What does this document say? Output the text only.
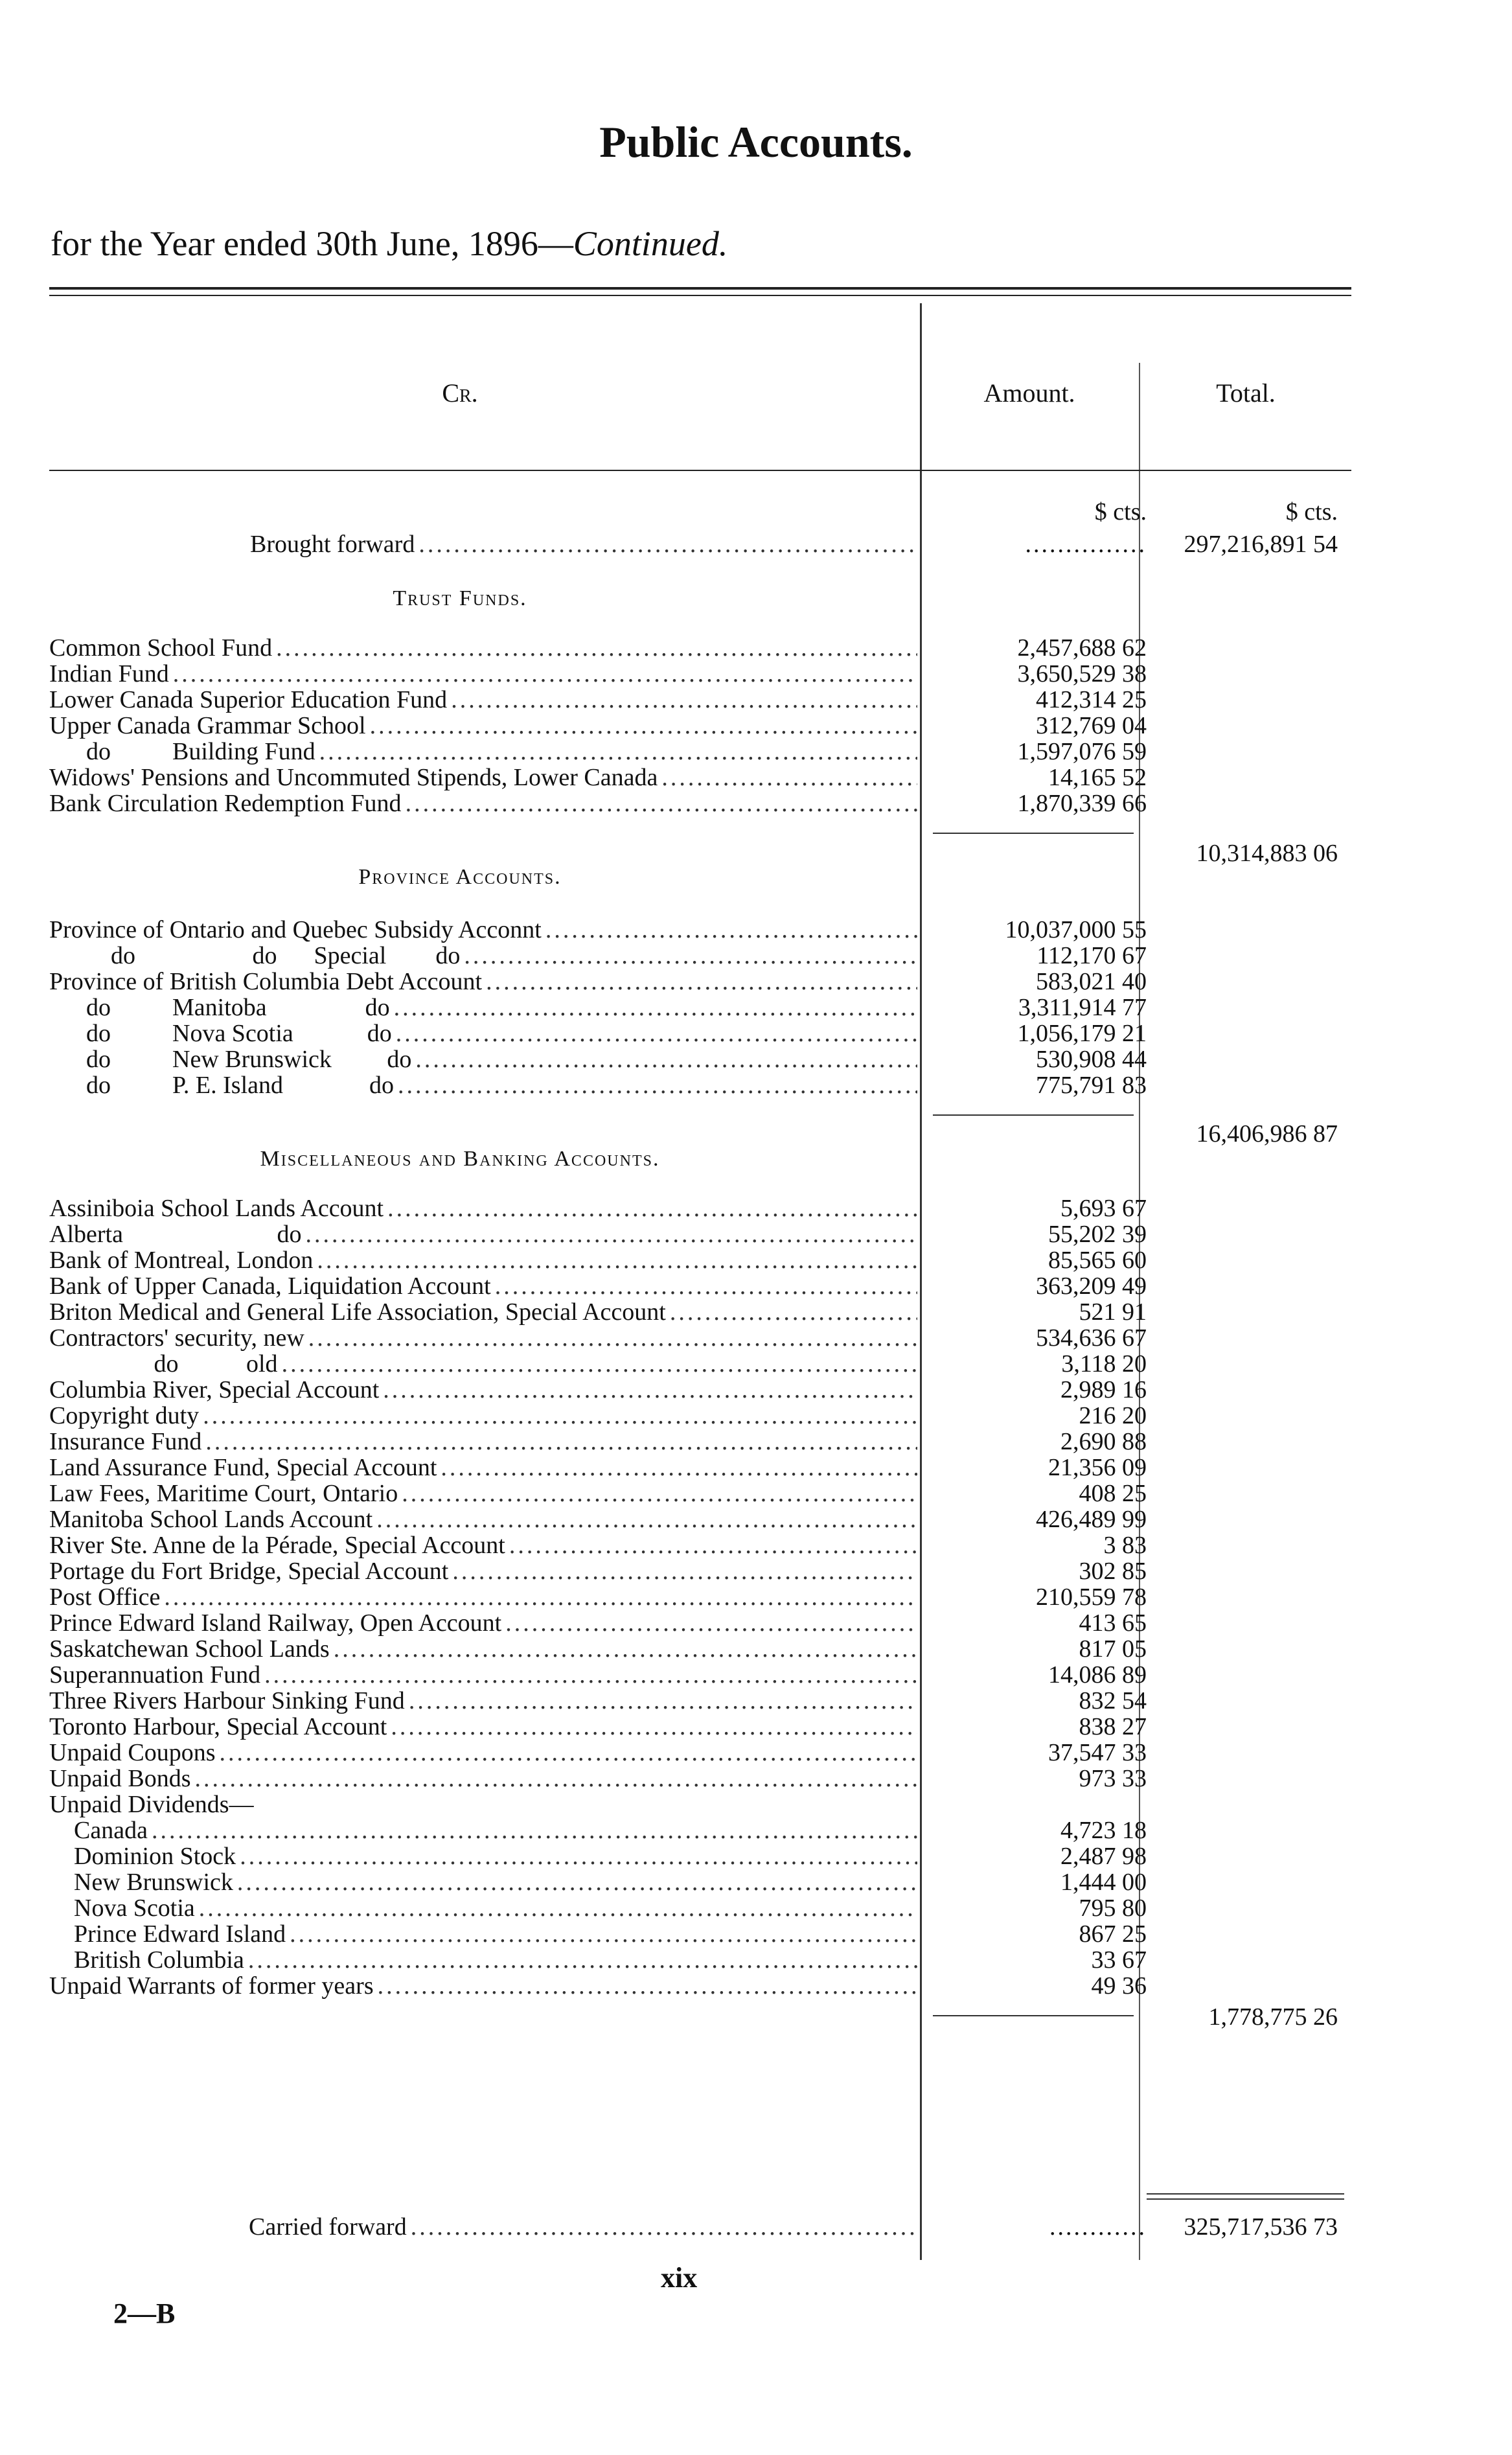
Public Accounts.
for the Year ended 30th June, 1896—Continued.
Cr.	Amount.	Total.
$ cts.	$ cts.
Brought forward .....	...............	297,216,891 54
Trust Funds.
Common School Fund .....	2,457,688 62
Indian Fund .....	3,650,529 38
Lower Canada Superior Education Fund .....	412,314 25
Upper Canada Grammar School .....	312,769 04
do          Building Fund .....	1,597,076 59
Widows' Pensions and Uncommuted Stipends, Lower Canada .....	14,165 52
Bank Circulation Redemption Fund .....	1,870,339 66
10,314,883 06
Province Accounts.
Province of Ontario and Quebec Subsidy Acconnt .....	10,037,000 55
do                   do      Special        do .....	112,170 67
Province of British Columbia Debt Account .....	583,021 40
do          Manitoba                do .....	3,311,914 77
do          Nova Scotia            do .....	1,056,179 21
do          New Brunswick         do .....	530,908 44
do          P. E. Island              do .....	775,791 83
16,406,986 87
Miscellaneous and Banking Accounts.
Assiniboia School Lands Account .....	5,693 67
Alberta                         do .....	55,202 39
Bank of Montreal, London .....	85,565 60
Bank of Upper Canada, Liquidation Account .....	363,209 49
Briton Medical and General Life Association, Special Account .....	521 91
Contractors' security, new .....	534,636 67
do           old .....	3,118 20
Columbia River, Special Account .....	2,989 16
Copyright duty .....	216 20
Insurance Fund .....	2,690 88
Land Assurance Fund, Special Account .....	21,356 09
Law Fees, Maritime Court, Ontario .....	408 25
Manitoba School Lands Account .....	426,489 99
River Ste. Anne de la Pérade, Special Account .....	3 83
Portage du Fort Bridge, Special Account .....	302 85
Post Office .....	210,559 78
Prince Edward Island Railway, Open Account .....	413 65
Saskatchewan School Lands .....	817 05
Superannuation Fund .....	14,086 89
Three Rivers Harbour Sinking Fund .....	832 54
Toronto Harbour, Special Account .....	838 27
Unpaid Coupons .....	37,547 33
Unpaid Bonds .....	973 33
Unpaid Dividends—
Canada .....	4,723 18
Dominion Stock .....	2,487 98
New Brunswick .....	1,444 00
Nova Scotia .....	795 80
Prince Edward Island .....	867 25
British Columbia .....	33 67
Unpaid Warrants of former years .....	49 36
1,778,775 26
Carried forward .....	............	325,717,536 73
xix
2—B
